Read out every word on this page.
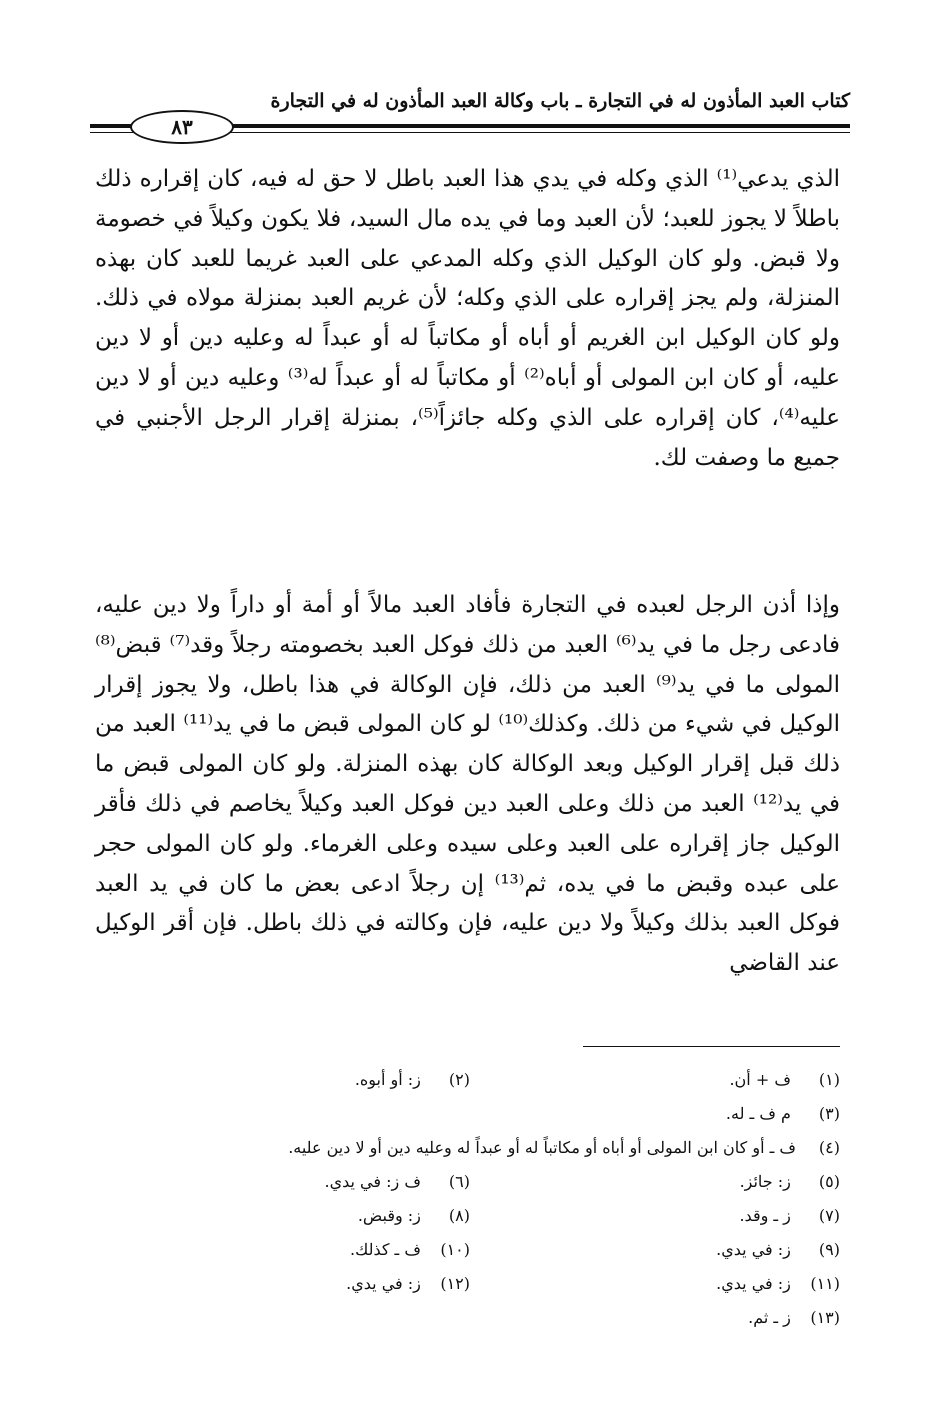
كتاب العبد المأذون له في التجارة ـ باب وكالة العبد المأذون له في التجارة
٨٣

الذي يدعي⁽¹⁾ الذي وكله في يدي هذا العبد باطل لا حق له فيه، كان إقراره ذلك باطلاً لا يجوز للعبد؛ لأن العبد وما في يده مال السيد، فلا يكون وكيلاً في خصومة ولا قبض. ولو كان الوكيل الذي وكله المدعي على العبد غريما للعبد كان بهذه المنزلة، ولم يجز إقراره على الذي وكله؛ لأن غريم العبد بمنزلة مولاه في ذلك. ولو كان الوكيل ابن الغريم أو أباه أو مكاتباً له أو عبداً له وعليه دين أو لا دين عليه، أو كان ابن المولى أو أباه⁽²⁾ أو مكاتباً له أو عبداً له⁽³⁾ وعليه دين أو لا دين عليه⁽⁴⁾، كان إقراره على الذي وكله جائزاً⁽⁵⁾، بمنزلة إقرار الرجل الأجنبي في جميع ما وصفت لك.

وإذا أذن الرجل لعبده في التجارة فأفاد العبد مالاً أو أمة أو داراً ولا دين عليه، فادعى رجل ما في يد⁽⁶⁾ العبد من ذلك فوكل العبد بخصومته رجلاً وقد⁽⁷⁾ قبض⁽⁸⁾ المولى ما في يد⁽⁹⁾ العبد من ذلك، فإن الوكالة في هذا باطل، ولا يجوز إقرار الوكيل في شيء من ذلك. وكذلك⁽¹⁰⁾ لو كان المولى قبض ما في يد⁽¹¹⁾ العبد من ذلك قبل إقرار الوكيل وبعد الوكالة كان بهذه المنزلة. ولو كان المولى قبض ما في يد⁽¹²⁾ العبد من ذلك وعلى العبد دين فوكل العبد وكيلاً يخاصم في ذلك فأقر الوكيل جاز إقراره على العبد وعلى سيده وعلى الغرماء. ولو كان المولى حجر على عبده وقبض ما في يده، ثم⁽¹³⁾ إن رجلاً ادعى بعض ما كان في يد العبد فوكل العبد بذلك وكيلاً ولا دين عليه، فإن وكالته في ذلك باطل. فإن أقر الوكيل عند القاضي

(١) ف + أن.
(٢) ز: أو أبوه.
(٣) م ف ـ له.
(٤)
ف ـ أو كان ابن المولى أو أباه أو مكاتباً له أو عبداً له وعليه دين أو لا دين عليه.
(٥) ز: جائز.
(٦) ف ز: في يدي.
(٧) ز ـ وقد.
(٨) ز: وقبض.
(٩) ز: في يدي.
(١٠) ف ـ كذلك.
(١١) ز: في يدي.
(١٢) ز: في يدي.
(١٣) ز ـ ثم.
